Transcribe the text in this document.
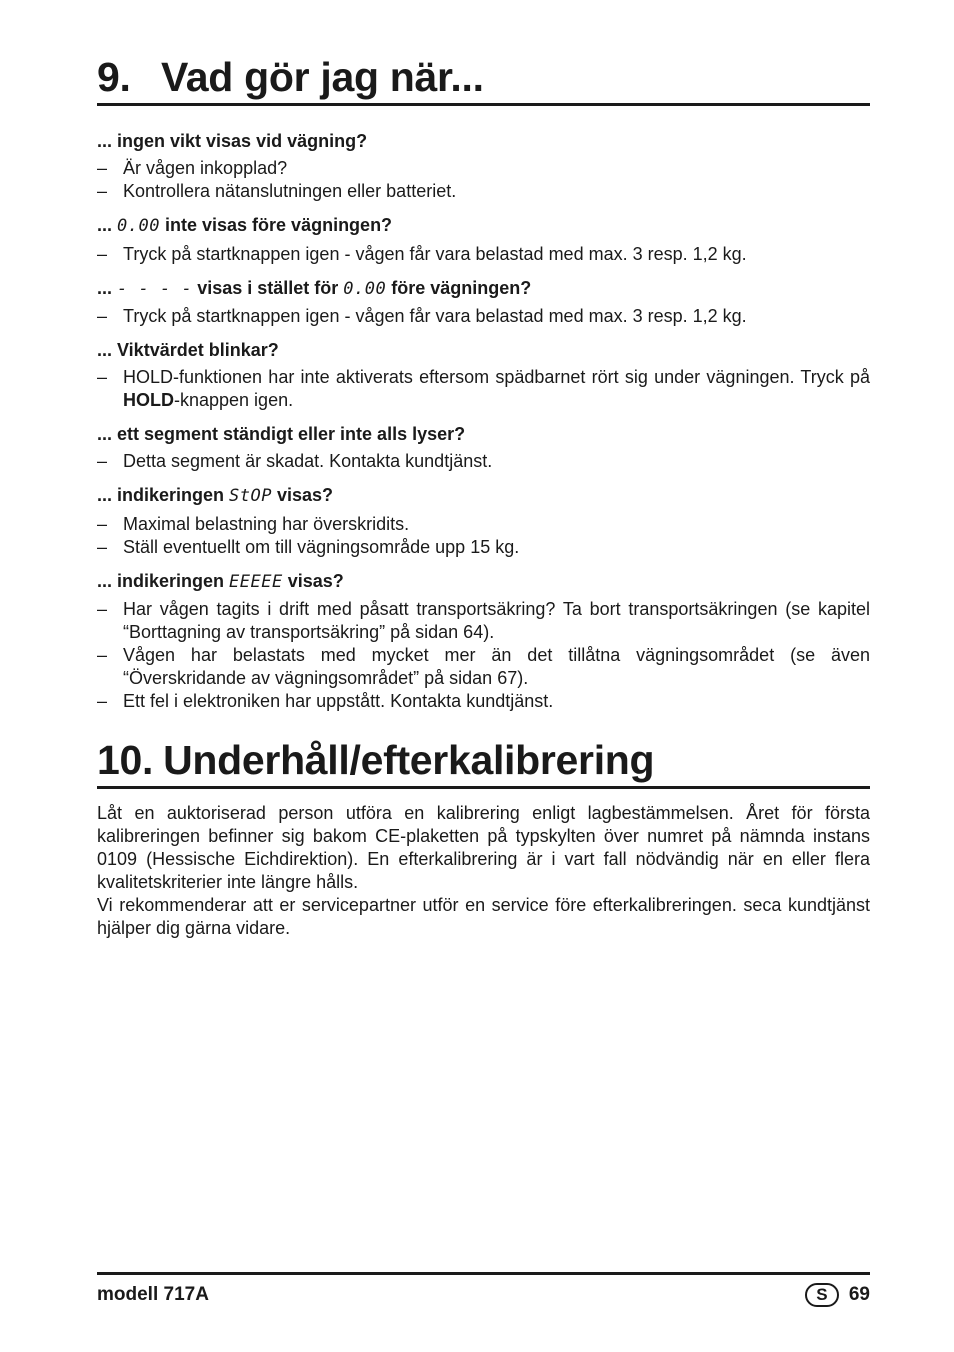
9. Vad gör jag när...

... ingen vikt visas vid vägning?

– Är vågen inkopplad?
– Kontrollera nätanslutningen eller batteriet.

... 0.00 inte visas före vägningen?

– Tryck på startknappen igen - vågen får vara belastad med max. 3 resp. 1,2 kg.

... - - - - visas i stället för 0.00 före vägningen?

– Tryck på startknappen igen - vågen får vara belastad med max. 3 resp. 1,2 kg.

... Viktvärdet blinkar?

– HOLD-funktionen har inte aktiverats eftersom spädbarnet rört sig under vägningen. Tryck på HOLD-knappen igen.

... ett segment ständigt eller inte alls lyser?

– Detta segment är skadat. Kontakta kundtjänst.

... indikeringen StOP visas?

– Maximal belastning har överskridits.
– Ställ eventuellt om till vägningsområde upp 15 kg.

... indikeringen EEEEE visas?

– Har vågen tagits i drift med påsatt transportsäkring? Ta bort transportsäkringen (se kapitel “Borttagning av transportsäkring” på sidan 64).
– Vågen har belastats med mycket mer än det tillåtna vägningsområdet (se även “Överskridande av vägningsområdet” på sidan 67).
– Ett fel i elektroniken har uppstått. Kontakta kundtjänst.
10. Underhåll/efterkalibrering

Låt en auktoriserad person utföra en kalibrering enligt lagbestämmelsen. Året för första kalibreringen befinner sig bakom CE-plaketten på typskylten över numret på nämnda instans 0109 (Hessische Eichdirektion). En efterkalibrering är i vart fall nödvändig när en eller flera kvalitetskriterier inte längre hålls.

Vi rekommenderar att er servicepartner utför en service före efterkalibreringen. seca kundtjänst hjälper dig gärna vidare.

modell 717A	S	69
